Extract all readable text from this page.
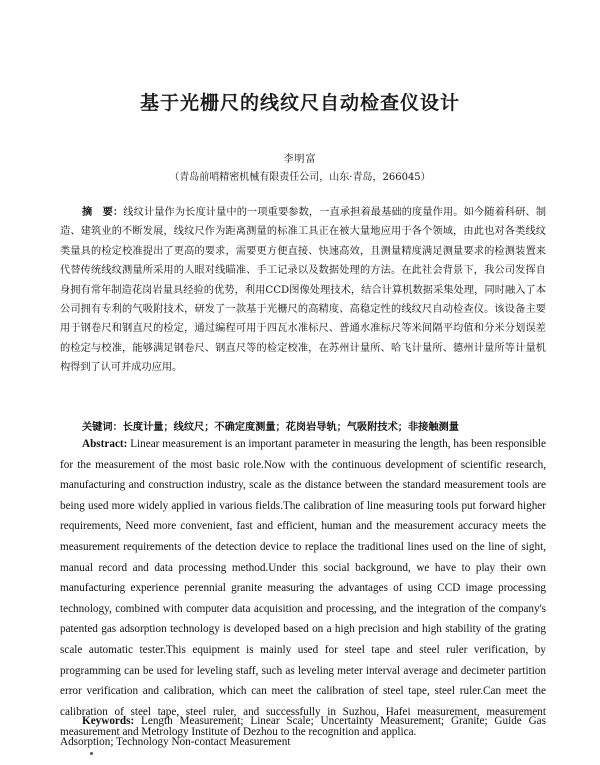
基于光栅尺的线纹尺自动检查仪设计
李明富
（青岛前哨精密机械有限责任公司，山东·青岛，266045）
摘　要：线纹计量作为长度计量中的一项重要参数，一直承担着最基础的度量作用。如今随着科研、制造、建筑业的不断发展，线纹尺作为距离测量的标准工具正在被大量地应用于各个领域，由此也对各类线纹类量具的检定校准提出了更高的要求，需要更方便直接、快速高效，且测量精度满足测量要求的检测装置来代替传统线纹测量所采用的人眼对线瞄准、手工记录以及数据处理的方法。在此社会背景下，我公司发挥自身拥有常年制造花岗岩量具经验的优势，利用CCD图像处理技术，结合计算机数据采集处理，同时融入了本公司拥有专利的气吸附技术，研发了一款基于光栅尺的高精度、高稳定性的线纹尺自动检查仪。该设备主要用于钢卷尺和钢直尺的检定，通过编程可用于四瓦水准标尺、普通水准标尺等米间隔平均值和分米分划误差的检定与校准，能够满足钢卷尺、钢直尺等的检定校准，在苏州计量所、哈飞计量所、德州计量所等计量机构得到了认可并成功应用。
关键词：长度计量；线纹尺；不确定度测量；花岗岩导轨；气吸附技术；非接触测量
Abstract: Linear measurement is an important parameter in measuring the length, has been responsible for the measurement of the most basic role.Now with the continuous development of scientific research, manufacturing and construction industry, scale as the distance between the standard measurement tools are being used more widely applied in various fields.The calibration of line measuring tools put forward higher requirements, Need more convenient, fast and efficient, human and the measurement accuracy meets the measurement requirements of the detection device to replace the traditional lines used on the line of sight, manual record and data processing method.Under this social background, we have to play their own manufacturing experience perennial granite measuring the advantages of using CCD image processing technology, combined with computer data acquisition and processing, and the integration of the company's patented gas adsorption technology is developed based on a high precision and high stability of the grating scale automatic tester.This equipment is mainly used for steel tape and steel ruler verification, by programming can be used for leveling staff, such as leveling meter interval average and decimeter partition error verification and calibration, which can meet the calibration of steel tape, steel ruler.Can meet the calibration of steel tape, steel ruler, and successfully in Suzhou, Hafei measurement, measurement measurement and Metrology Institute of Dezhou to the recognition and applica.
Keywords: Length Measurement; Linear Scale; Uncertainty Measurement; Granite; Guide Gas Adsorption; Technology Non-contact Measurement
